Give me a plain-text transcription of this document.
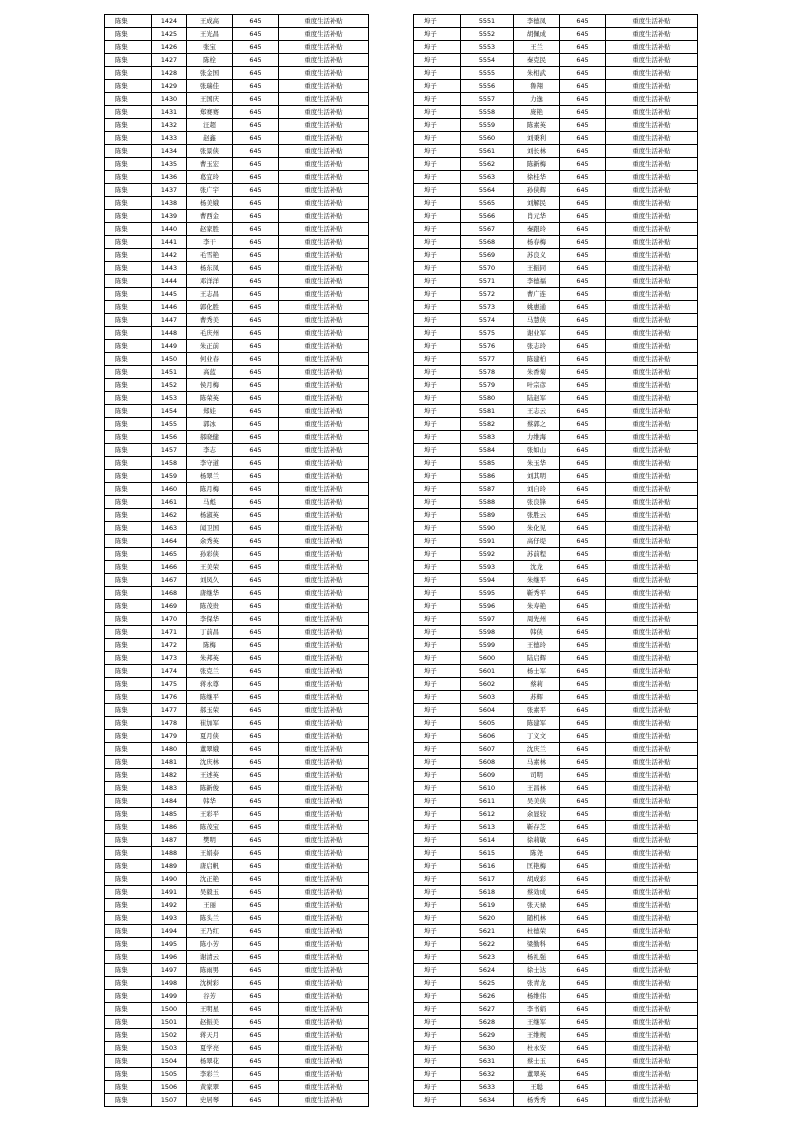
陈集	1424	王成高	645	重度生活补贴
陈集	1425	王光昌	645	重度生活补贴
陈集	1426	张宝	645	重度生活补贴
陈集	1427	陈栓	645	重度生活补贴
陈集	1428	张金国	645	重度生活补贴
陈集	1429	张瑞佳	645	重度生活补贴
陈集	1430	王国庆	645	重度生活补贴
陈集	1431	郑赛赛	645	重度生活补贴
陈集	1432	汪超	645	重度生活补贴
陈集	1433	赵鑫	645	重度生活补贴
陈集	1434	张景侠	645	重度生活补贴
陈集	1435	曹玉宏	645	重度生活补贴
陈集	1436	葛宜玲	645	重度生活补贴
陈集	1437	张广宇	645	重度生活补贴
陈集	1438	杨美娥	645	重度生活补贴
陈集	1439	曹西金	645	重度生活补贴
陈集	1440	赵家胜	645	重度生活补贴
陈集	1441	李干	645	重度生活补贴
陈集	1442	毛雪艳	645	重度生活补贴
陈集	1443	杨东凤	645	重度生活补贴
陈集	1444	邓洋洋	645	重度生活补贴
陈集	1445	王志昌	645	重度生活补贴
陈集	1446	郭化胜	645	重度生活补贴
陈集	1447	曹秀美	645	重度生活补贴
陈集	1448	毛庆州	645	重度生活补贴
陈集	1449	朱正前	645	重度生活补贴
陈集	1450	何业春	645	重度生活补贴
陈集	1451	高蓝	645	重度生活补贴
陈集	1452	侯月梅	645	重度生活补贴
陈集	1453	陈荣英	645	重度生活补贴
陈集	1454	郑娃	645	重度生活补贴
陈集	1455	郭冰	645	重度生活补贴
陈集	1456	郝晓健	645	重度生活补贴
陈集	1457	李志	645	重度生活补贴
陈集	1458	李守道	645	重度生活补贴
陈集	1459	杨翠兰	645	重度生活补贴
陈集	1460	陈月梅	645	重度生活补贴
陈集	1461	马彪	645	重度生活补贴
陈集	1462	杨淑英	645	重度生活补贴
陈集	1463	闻卫国	645	重度生活补贴
陈集	1464	余秀英	645	重度生活补贴
陈集	1465	孙彩侠	645	重度生活补贴
陈集	1466	王美荣	645	重度生活补贴
陈集	1467	刘凤久	645	重度生活补贴
陈集	1468	唐继华	645	重度生活补贴
陈集	1469	陈茂贵	645	重度生活补贴
陈集	1470	李保华	645	重度生活补贴
陈集	1471	丁前昌	645	重度生活补贴
陈集	1472	陈梅	645	重度生活补贴
陈集	1473	朱邦英	645	重度生活补贴
陈集	1474	张克兰	645	重度生活补贴
陈集	1475	蒋永尊	645	重度生活补贴
陈集	1476	陈继平	645	重度生活补贴
陈集	1477	郝玉荣	645	重度生活补贴
陈集	1478	崔加军	645	重度生活补贴
陈集	1479	夏月侠	645	重度生活补贴
陈集	1480	董翠娥	645	重度生活补贴
陈集	1481	沈庆林	645	重度生活补贴
陈集	1482	王述英	645	重度生活补贴
陈集	1483	陈新俊	645	重度生活补贴
陈集	1484	韩华	645	重度生活补贴
陈集	1485	王彩平	645	重度生活补贴
陈集	1486	陈茂宝	645	重度生活补贴
陈集	1487	樊明	645	重度生活补贴
陈集	1488	王娟泰	645	重度生活补贴
陈集	1489	唐启帆	645	重度生活补贴
陈集	1490	沈正艳	645	重度生活补贴
陈集	1491	吴毅玉	645	重度生活补贴
陈集	1492	王丽	645	重度生活补贴
陈集	1493	陈头兰	645	重度生活补贴
陈集	1494	王乃红	645	重度生活补贴
陈集	1495	陈小芳	645	重度生活补贴
陈集	1496	谢清云	645	重度生活补贴
陈集	1497	陈雨男	645	重度生活补贴
陈集	1498	沈树彩	645	重度生活补贴
陈集	1499	谷芳	645	重度生活补贴
陈集	1500	王明星	645	重度生活补贴
陈集	1501	赵振美	645	重度生活补贴
陈集	1502	蒋天月	645	重度生活补贴
陈集	1503	夏学亮	645	重度生活补贴
陈集	1504	杨翠花	645	重度生活补贴
陈集	1505	李彩兰	645	重度生活补贴
陈集	1506	黄家翠	645	重度生活补贴
陈集	1507	史居琴	645	重度生活补贴
埠子	5551	李德凤	645	重度生活补贴
埠子	5552	胡佩成	645	重度生活补贴
埠子	5553	王兰	645	重度生活补贴
埠子	5554	秦克民	645	重度生活补贴
埠子	5555	朱相武	645	重度生活补贴
埠子	5556	鲁翔	645	重度生活补贴
埠子	5557	力逸	645	重度生活补贴
埠子	5558	庞艳	645	重度生活补贴
埠子	5559	陈素英	645	重度生活补贴
埠子	5560	刘秉利	645	重度生活补贴
埠子	5561	刘长林	645	重度生活补贴
埠子	5562	陈新梅	645	重度生活补贴
埠子	5563	徐桂华	645	重度生活补贴
埠子	5564	孙侠辉	645	重度生活补贴
埠子	5565	刘解民	645	重度生活补贴
埠子	5566	肖元华	645	重度生活补贴
埠子	5567	秦跟玲	645	重度生活补贴
埠子	5568	杨春梅	645	重度生活补贴
埠子	5569	苏良义	645	重度生活补贴
埠子	5570	王振同	645	重度生活补贴
埠子	5571	李德福	645	重度生活补贴
埠子	5572	曹广连	645	重度生活补贴
埠子	5573	姚惠通	645	重度生活补贴
埠子	5574	马慧侠	645	重度生活补贴
埠子	5575	谢业军	645	重度生活补贴
埠子	5576	张志玲	645	重度生活补贴
埠子	5577	陈建柏	645	重度生活补贴
埠子	5578	朱香菊	645	重度生活补贴
埠子	5579	叶宗彦	645	重度生活补贴
埠子	5580	陆赵军	645	重度生活补贴
埠子	5581	王志云	645	重度生活补贴
埠子	5582	蔡郭之	645	重度生活补贴
埠子	5583	力维海	645	重度生活补贴
埠子	5584	张如山	645	重度生活补贴
埠子	5585	朱玉华	645	重度生活补贴
埠子	5586	刘其明	645	重度生活补贴
埠子	5587	刘自玲	645	重度生活补贴
埠子	5588	张良锋	645	重度生活补贴
埠子	5589	张胜云	645	重度生活补贴
埠子	5590	朱化见	645	重度生活补贴
埠子	5591	高仔堤	645	重度生活补贴
埠子	5592	苏前程	645	重度生活补贴
埠子	5593	沈龙	645	重度生活补贴
埠子	5594	朱继平	645	重度生活补贴
埠子	5595	靳秀平	645	重度生活补贴
埠子	5596	朱寿艳	645	重度生活补贴
埠子	5597	周先州	645	重度生活补贴
埠子	5598	韩侠	645	重度生活补贴
埠子	5599	王德玲	645	重度生活补贴
埠子	5600	陆启辉	645	重度生活补贴
埠子	5601	杨士军	645	重度生活补贴
埠子	5602	蔡莉	645	重度生活补贴
埠子	5603	苏辉	645	重度生活补贴
埠子	5604	张素平	645	重度生活补贴
埠子	5605	陈建军	645	重度生活补贴
埠子	5606	丁义文	645	重度生活补贴
埠子	5607	沈庆兰	645	重度生活补贴
埠子	5608	马素林	645	重度生活补贴
埠子	5609	司明	645	重度生活补贴
埠子	5610	王昌林	645	重度生活补贴
埠子	5611	吴美侠	645	重度生活补贴
埠子	5612	余显较	645	重度生活补贴
埠子	5613	靳存芝	645	重度生活补贴
埠子	5614	徐莉敏	645	重度生活补贴
埠子	5615	陈尧	645	重度生活补贴
埠子	5616	匡艳梅	645	重度生活补贴
埠子	5617	胡成彩	645	重度生活补贴
埠子	5618	蔡効成	645	重度生活补贴
埠子	5619	张天禄	645	重度生活补贴
埠子	5620	随机林	645	重度生活补贴
埠子	5621	杜德荣	645	重度生活补贴
埠子	5622	梁勤科	645	重度生活补贴
埠子	5623	杨礼强	645	重度生活补贴
埠子	5624	徐士达	645	重度生活补贴
埠子	5625	张青龙	645	重度生活补贴
埠子	5626	杨维伟	645	重度生活补贴
埠子	5627	李书娟	645	重度生活补贴
埠子	5628	王继军	645	重度生活补贴
埠子	5629	王维规	645	重度生活补贴
埠子	5630	杜永安	645	重度生活补贴
埠子	5631	蔡士玉	645	重度生活补贴
埠子	5632	董翠英	645	重度生活补贴
埠子	5633	王聪	645	重度生活补贴
埠子	5634	杨秀秀	645	重度生活补贴
